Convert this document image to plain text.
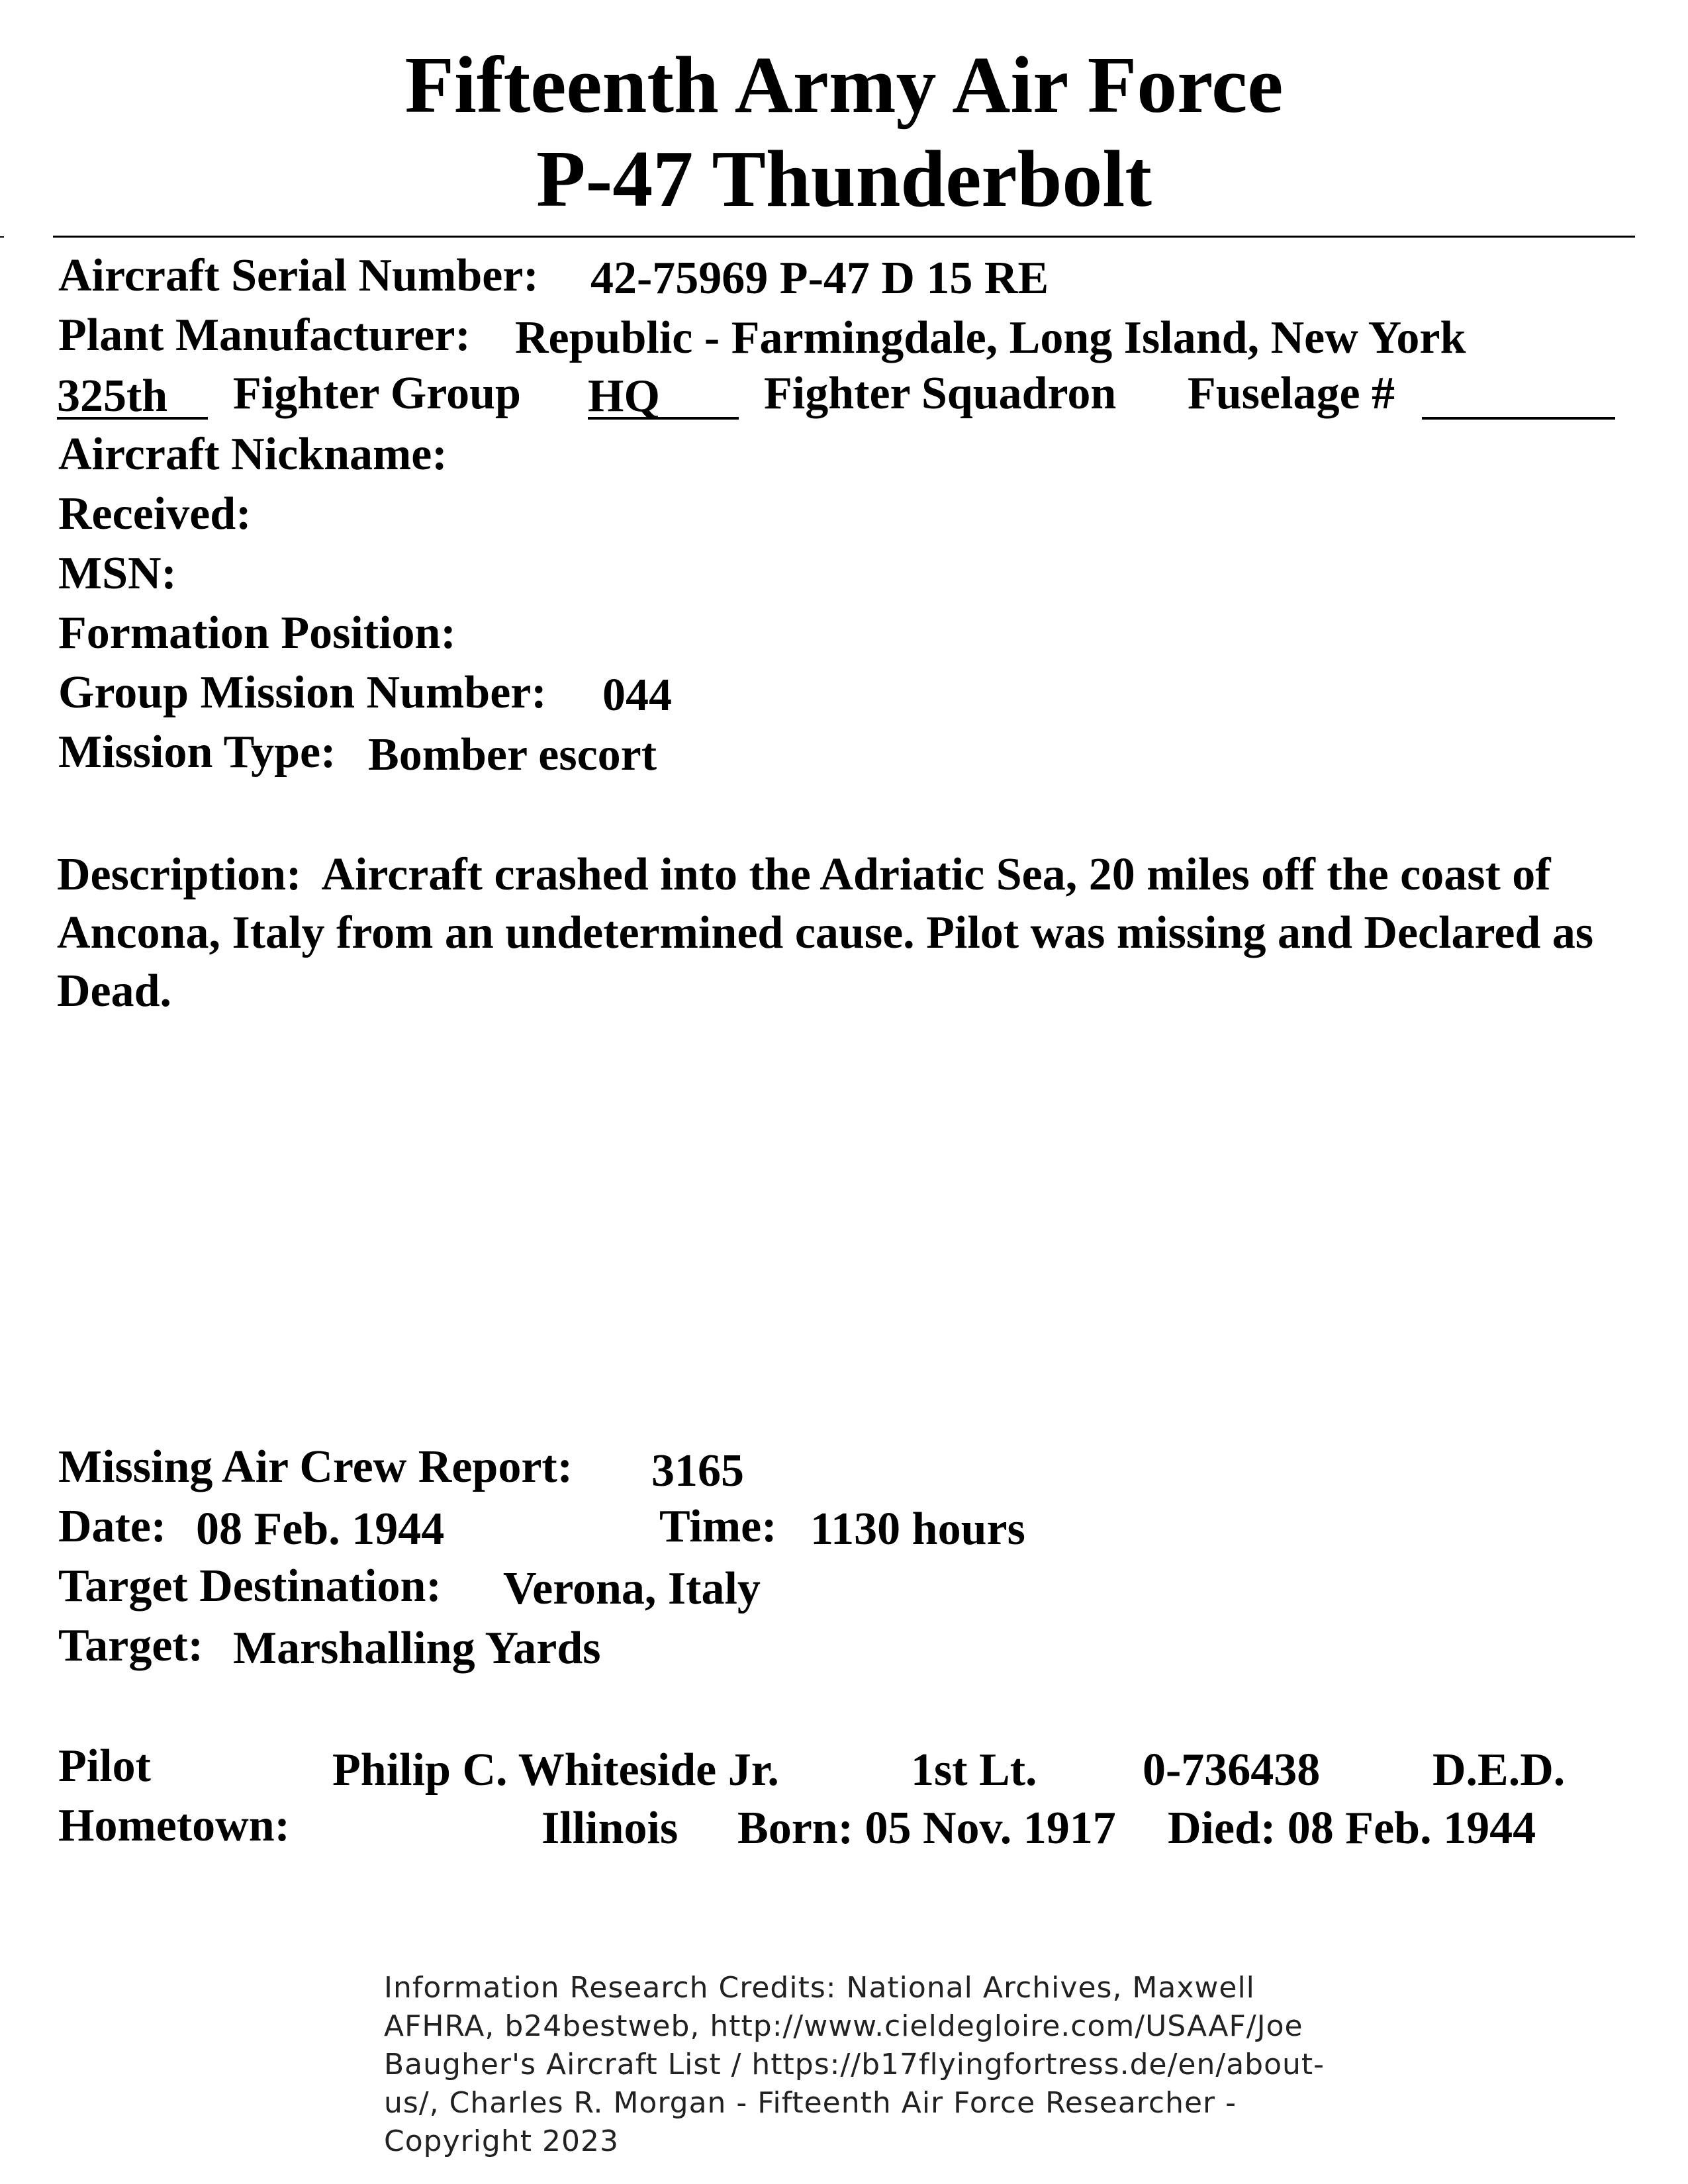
Fifteenth Army Air Force
P-47 Thunderbolt
Aircraft Serial Number: 42-75969 P-47 D 15 RE
Plant Manufacturer: Republic - Farmingdale, Long Island, New York
325th Fighter Group HQ Fighter Squadron Fuselage #
Aircraft Nickname:
Received:
MSN:
Formation Position:
Group Mission Number: 044
Mission Type: Bomber escort
Description: Aircraft crashed into the Adriatic Sea, 20 miles off the coast of Ancona, Italy from an undetermined cause. Pilot was missing and Declared as Dead.
Missing Air Crew Report: 3165
Date: 08 Feb. 1944	Time: 1130 hours
Target Destination: Verona, Italy
Target: Marshalling Yards
Pilot	Philip C. Whiteside Jr.	1st Lt. 0-736438 D.E.D.
Hometown:	Illinois Born: 05 Nov. 1917 Died: 08 Feb. 1944
Information Research Credits: National Archives, Maxwell AFHRA, b24bestweb, http://www.cieldegloire.com/USAAF/Joe Baugher's Aircraft List / https://b17flyingfortress.de/en/about-us/, Charles R. Morgan - Fifteenth Air Force Researcher - Copyright 2023
